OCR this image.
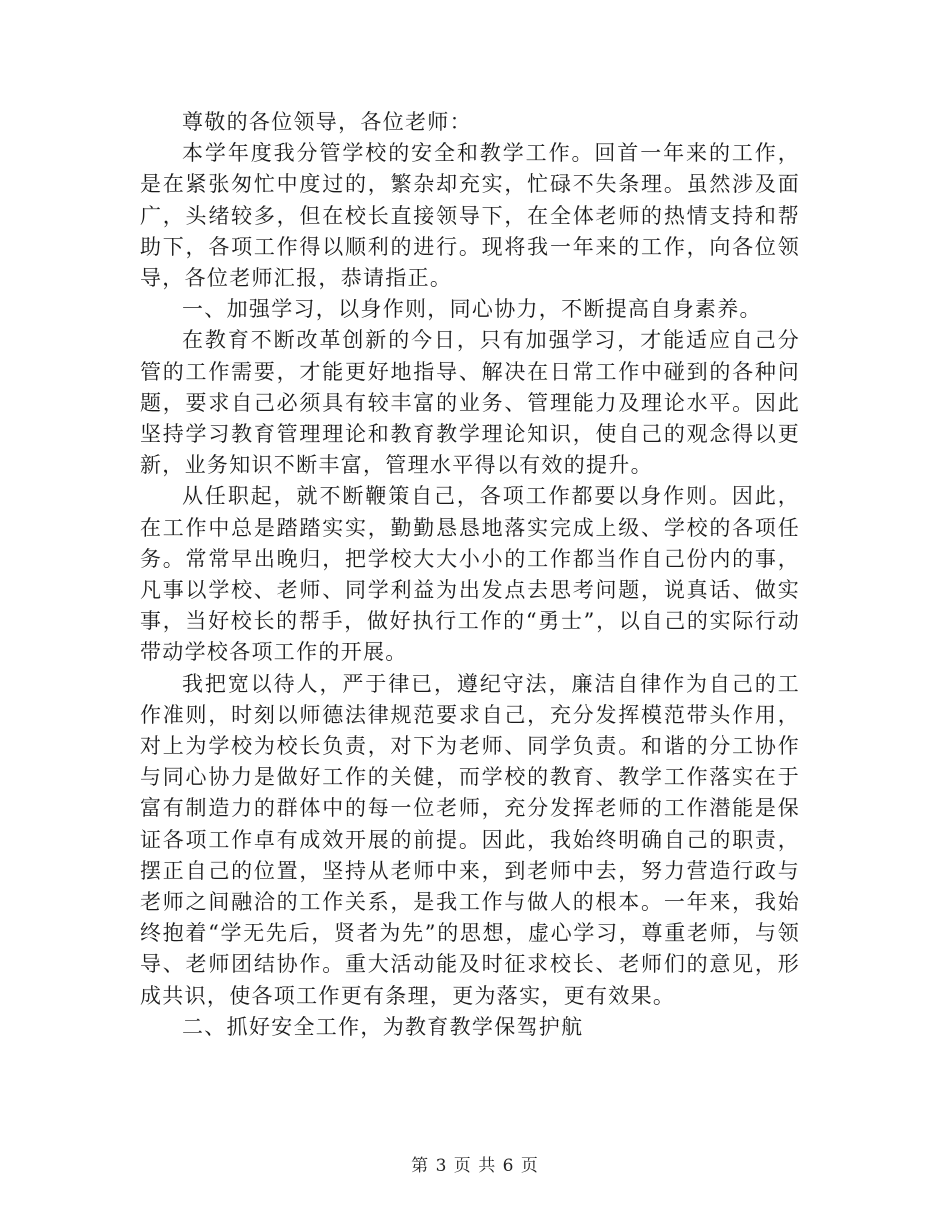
尊敬的各位领导，各位老师：

本学年度我分管学校的安全和教学工作。回首一年来的工作，是在紧张匆忙中度过的，繁杂却充实，忙碌不失条理。虽然涉及面广，头绪较多，但在校长直接领导下，在全体老师的热情支持和帮助下，各项工作得以顺利的进行。现将我一年来的工作，向各位领导，各位老师汇报，恭请指正。

一、加强学习，以身作则，同心协力，不断提高自身素养。

在教育不断改革创新的今日，只有加强学习，才能适应自己分管的工作需要，才能更好地指导、解决在日常工作中碰到的各种问题，要求自己必须具有较丰富的业务、管理能力及理论水平。因此坚持学习教育管理理论和教育教学理论知识，使自己的观念得以更新，业务知识不断丰富，管理水平得以有效的提升。

从任职起，就不断鞭策自己，各项工作都要以身作则。因此，在工作中总是踏踏实实，勤勤恳恳地落实完成上级、学校的各项任务。常常早出晚归，把学校大大小小的工作都当作自己份内的事，凡事以学校、老师、同学利益为出发点去思考问题，说真话、做实事，当好校长的帮手，做好执行工作的“勇士”，以自己的实际行动带动学校各项工作的开展。

我把宽以待人，严于律已，遵纪守法，廉洁自律作为自己的工作准则，时刻以师德法律规范要求自己，充分发挥模范带头作用，对上为学校为校长负责，对下为老师、同学负责。和谐的分工协作与同心协力是做好工作的关健，而学校的教育、教学工作落实在于富有制造力的群体中的每一位老师，充分发挥老师的工作潜能是保证各项工作卓有成效开展的前提。因此，我始终明确自己的职责，摆正自己的位置，坚持从老师中来，到老师中去，努力营造行政与老师之间融洽的工作关系，是我工作与做人的根本。一年来，我始终抱着“学无先后，贤者为先”的思想，虚心学习，尊重老师，与领导、老师团结协作。重大活动能及时征求校长、老师们的意见，形成共识，使各项工作更有条理，更为落实，更有效果。

二、抓好安全工作，为教育教学保驾护航

第 3 页 共 6 页
